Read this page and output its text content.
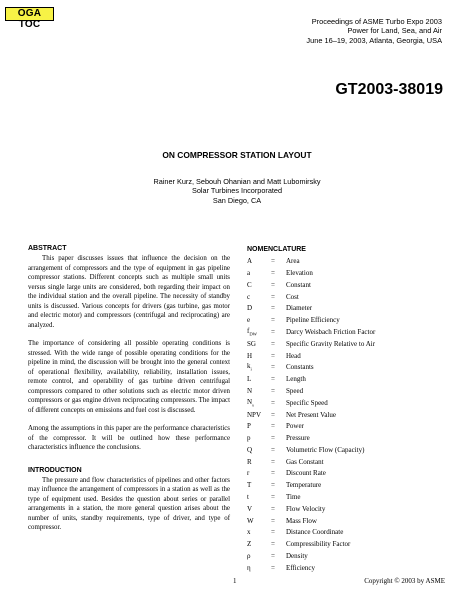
OGA TOC	Proceedings of ASME Turbo Expo 2003
Power for Land, Sea, and Air
June 16–19, 2003, Atlanta, Georgia, USA
GT2003-38019
ON COMPRESSOR STATION LAYOUT
Rainer Kurz, Sebouh Ohanian and Matt Lubomirsky
Solar Turbines Incorporated
San Diego, CA
ABSTRACT

This paper discusses issues that influence the decision on the arrangement of compressors and the type of equipment in gas pipeline compressor stations. Different concepts such as multiple small units versus single large units are considered, both regarding their impact on the individual station and the overall pipeline. The necessity of standby units is discussed. Various concepts for drivers (gas turbine, gas motor and electric motor) and compressors (centrifugal and reciprocating) are analyzed.

The importance of considering all possible operating conditions is stressed. With the wide range of possible operating conditions for the pipeline in mind, the discussion will be brought into the general context of operational flexibility, availability, reliability, installation issues, remote control, and operability of gas turbine driven centrifugal compressors compared to other solutions such as electric motor driven compressors or gas engine driven reciprocating compressors. The impact of different concepts on emissions and fuel cost is discussed.

Among the assumptions in this paper are the performance characteristics of the compressor. It will be outlined how these performance characteristics influence the conclusions.

INTRODUCTION

The pressure and flow characteristics of pipelines and other factors may influence the arrangement of compressors in a station as well as the type of equipment used. Besides the question about series or parallel arrangements in a station, the more general question arises about the number of units, standby requirements, type of driver, and type of compressor.

NOMENCLATURE
A	=	Area
a	=	Elevation
C	=	Constant
c	=	Cost
D	=	Diameter
e	=	Pipeline Efficiency
$f_{DW}$	=	Darcy Weisbach Friction Factor
SG	=	Specific Gravity Relative to Air
H	=	Head
$k_i$	=	Constants
L	=	Length
N	=	Speed
$N_s$	=	Specific Speed
NPV	=	Net Present Value
P	=	Power
p	=	Pressure
Q	=	Volumetric Flow (Capacity)
R	=	Gas Constant
r	=	Discount Rate
T	=	Temperature
t	=	Time
V	=	Flow Velocity
W	=	Mass Flow
x	=	Distance Coordinate
Z	=	Compressibility Factor
ρ	=	Density
η	=	Efficiency
1	Copyright © 2003 by ASME
